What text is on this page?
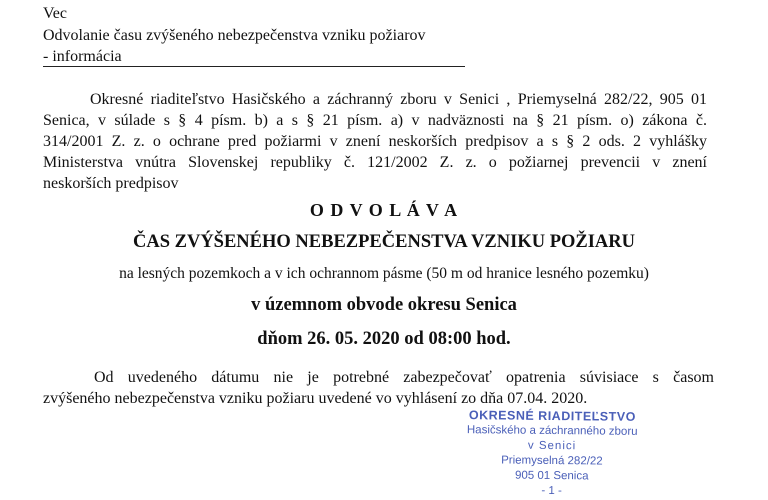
Vec
Odvolanie času zvýšeného nebezpečenstva vzniku požiarov
- informácia
Okresné riaditeľstvo Hasičského a záchranný zboru v Senici , Priemyselná 282/22, 905 01
Senica, v súlade s § 4 písm. b) a s § 21 písm. a) v nadväznosti na § 21 písm. o) zákona č.
314/2001 Z. z. o ochrane pred požiarmi v znení neskorších predpisov a s § 2 ods. 2 vyhlášky
Ministerstva vnútra Slovenskej republiky č. 121/2002 Z. z. o požiarnej prevencii v znení
neskorších predpisov
O D V O L Á V A
ČAS ZVÝŠENÉHO NEBEZPEČENSTVA VZNIKU POŽIARU
na lesných pozemkoch a v ich ochrannom pásme (50 m od hranice lesného pozemku)
v územnom obvode okresu Senica
dňom 26. 05. 2020 od 08:00 hod.
Od uvedeného dátumu nie je potrebné zabezpečovať opatrenia súvisiace s časom
zvýšeného nebezpečenstva vzniku požiaru uvedené vo vyhlásení zo dňa 07.04. 2020.
OKRESNÉ RIADITEĽSTVO
Hasičského a záchranného zboru
v Senici
Priemyselná 282/22
905 01 Senica
- 1 -
